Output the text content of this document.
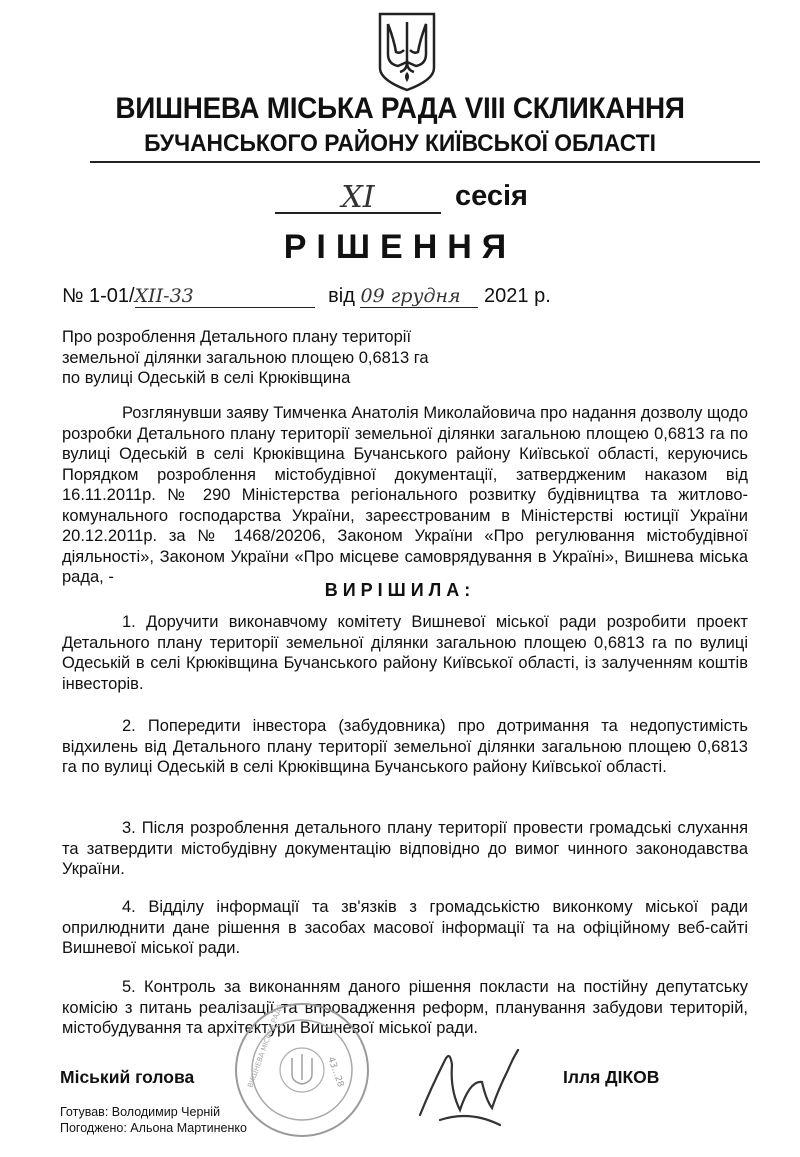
ВИШНЕВА МІСЬКА РАДА VIII СКЛИКАННЯ
БУЧАНСЬКОГО РАЙОНУ КИЇВСЬКОЇ ОБЛАСТІ
XI	сесія
РІШЕННЯ
№ 1-01/XIІ-33	від 09 грудня 2021 р.
Про розроблення Детального плану території
земельної ділянки загальною площею 0,6813 га
по вулиці Одеській в селі Крюківщина

Розглянувши заяву Тимченка Анатолія Миколайовича про надання дозволу щодо розробки Детального плану території земельної ділянки загальною площею 0,6813 га по вулиці Одеській в селі Крюківщина Бучанського району Київської області, керуючись Порядком розроблення містобудівної документації, затвердженим наказом від 16.11.2011р. № 290 Міністерства регіонального розвитку будівництва та житлово-комунального господарства України, зареєстрованим в Міністерстві юстиції України 20.12.2011р. за № 1468/20206, Законом України «Про регулювання містобудівної діяльності», Законом України «Про місцеве самоврядування в Україні», Вишнева міська рада, -

ВИРІШИЛА:

1. Доручити виконавчому комітету Вишневої міської ради розробити проект Детального плану території земельної ділянки загальною площею 0,6813 га по вулиці Одеській в селі Крюківщина Бучанського району Київської області, із залученням коштів інвесторів.

2. Попередити інвестора (забудовника) про дотримання та недопустимість відхилень від Детального плану території земельної ділянки загальною площею 0,6813 га по вулиці Одеській в селі Крюківщина Бучанського району Київської області.

3. Після розроблення детального плану території провести громадські слухання та затвердити містобудівну документацію відповідно до вимог чинного законодавства України.

4. Відділу інформації та зв'язків з громадськістю виконкому міської ради оприлюднити дане рішення в засобах масової інформації та на офіційному веб-сайті Вишневої міської ради.

5. Контроль за виконанням даного рішення покласти на постійну депутатську комісію з питань реалізації та впровадження реформ, планування забудови територій, містобудування та архітектури Вишневої міської ради.

43...28
ВИШНЕВА МІСЬКА РАДА
Міський голова	Ілля ДІКОВ
Готував: Володимир Черній
Погоджено: Альона Мартиненко
